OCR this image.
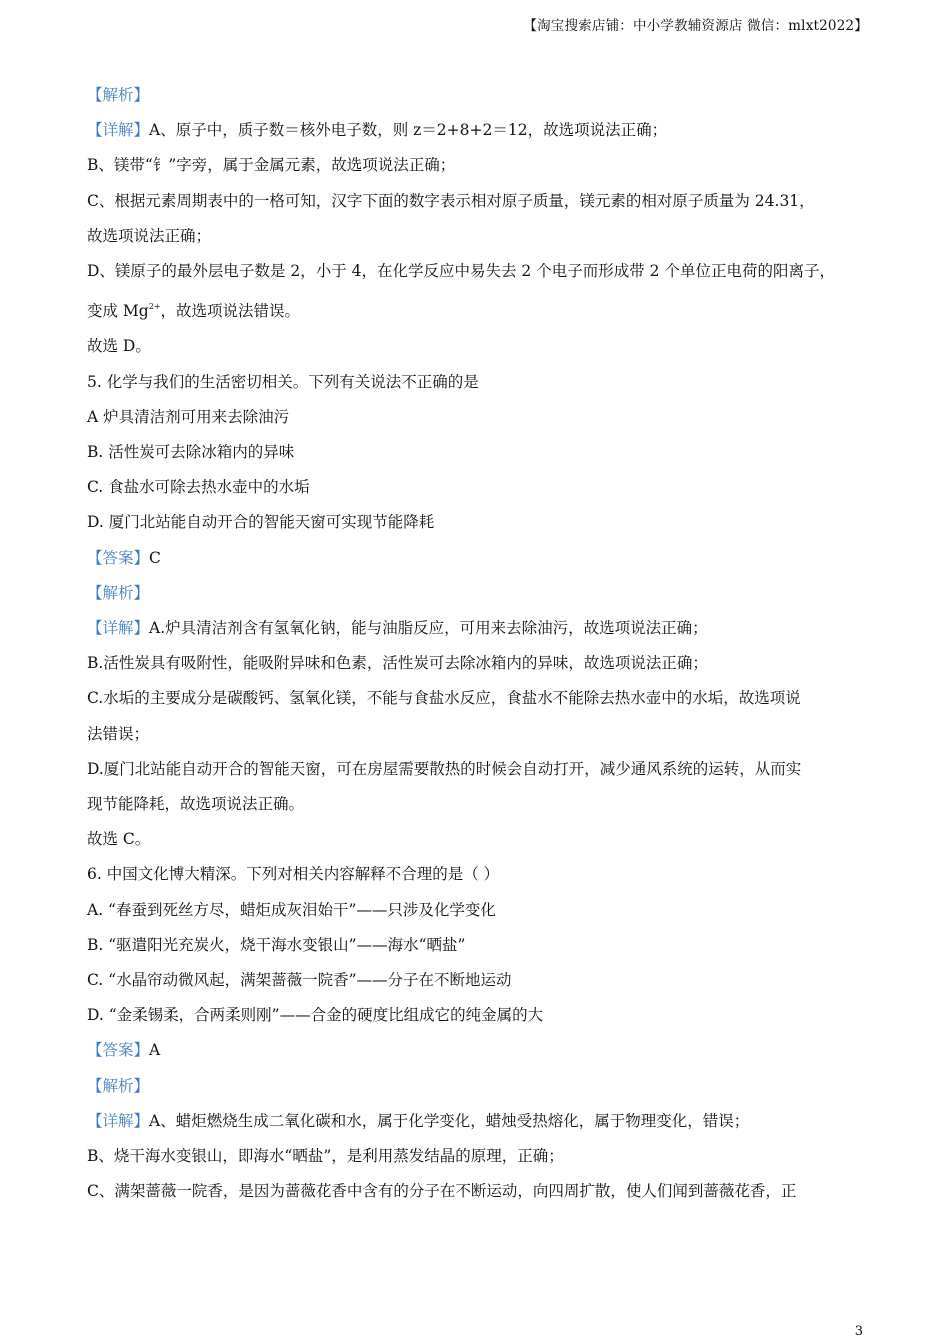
【淘宝搜索店铺：中小学教辅资源店 微信：mlxt2022】
【解析】
【详解】A、原子中，质子数＝核外电子数，则 z＝2+8+2＝12，故选项说法正确；
B、镁带“钅”字旁，属于金属元素，故选项说法正确；
C、根据元素周期表中的一格可知，汉字下面的数字表示相对原子质量，镁元素的相对原子质量为 24.31，
故选项说法正确；
D、镁原子的最外层电子数是 2，小于 4，在化学反应中易失去 2 个电子而形成带 2 个单位正电荷的阳离子，
变成 $Mg^{2+}$，故选项说法错误。
故选 D。
5. 化学与我们的生活密切相关。下列有关说法不正确的是
A 炉具清洁剂可用来去除油污
B. 活性炭可去除冰箱内的异味
C. 食盐水可除去热水壶中的水垢
D. 厦门北站能自动开合的智能天窗可实现节能降耗
【答案】C
【解析】
【详解】A.炉具清洁剂含有氢氧化钠，能与油脂反应，可用来去除油污，故选项说法正确；
B.活性炭具有吸附性，能吸附异味和色素，活性炭可去除冰箱内的异味，故选项说法正确；
C.水垢的主要成分是碳酸钙、氢氧化镁，不能与食盐水反应，食盐水不能除去热水壶中的水垢，故选项说
法错误；
D.厦门北站能自动开合的智能天窗，可在房屋需要散热的时候会自动打开，减少通风系统的运转，从而实
现节能降耗，故选项说法正确。
故选 C。
6. 中国文化博大精深。下列对相关内容解释不合理的是（ ）
A. “春蚕到死丝方尽，蜡炬成灰泪始干”——只涉及化学变化
B. “驱遣阳光充炭火，烧干海水变银山”——海水“晒盐”
C. “水晶帘动微风起，满架蔷薇一院香”——分子在不断地运动
D. “金柔锡柔，合两柔则刚”——合金的硬度比组成它的纯金属的大
【答案】A
【解析】
【详解】A、蜡炬燃烧生成二氧化碳和水，属于化学变化，蜡烛受热熔化，属于物理变化，错误；
B、烧干海水变银山，即海水“晒盐”，是利用蒸发结晶的原理，正确；
C、满架蔷薇一院香，是因为蔷薇花香中含有的分子在不断运动，向四周扩散，使人们闻到蔷薇花香，正
3
